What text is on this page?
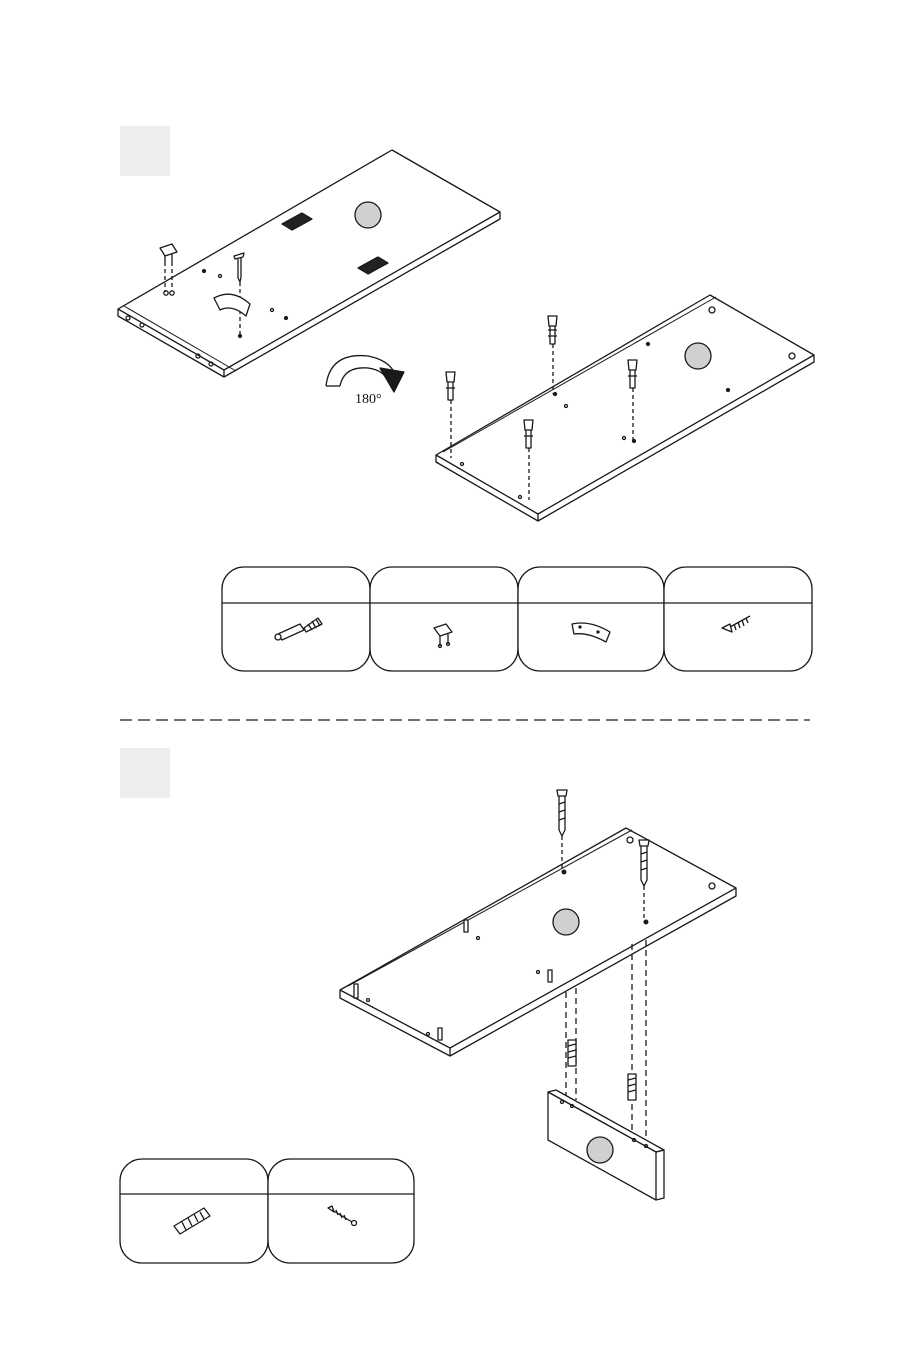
180°
